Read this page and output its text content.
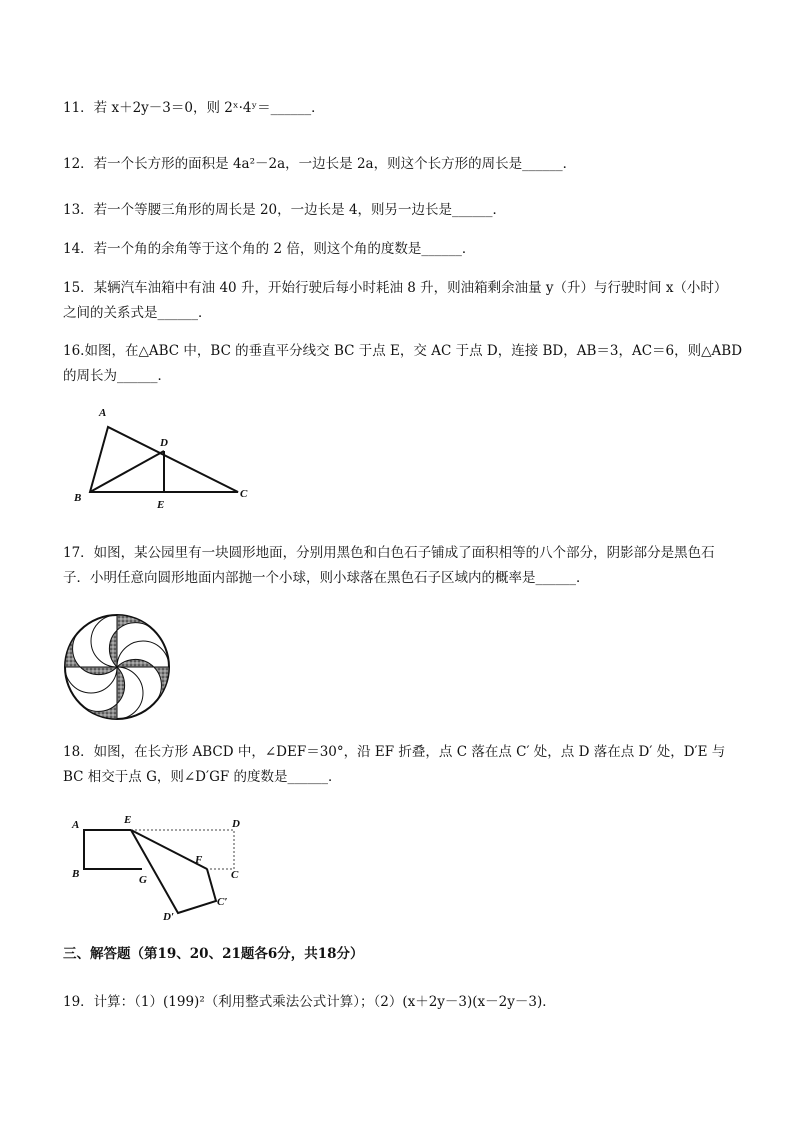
11．若 x＋2y－3＝0，则 2ˣ·4ʸ＝______．
12．若一个长方形的面积是 4a²－2a，一边长是 2a，则这个长方形的周长是______．
13．若一个等腰三角形的周长是 20，一边长是 4，则另一边长是______．
14．若一个角的余角等于这个角的 2 倍，则这个角的度数是______．
15．某辆汽车油箱中有油 40 升，开始行驶后每小时耗油 8 升，则油箱剩余油量 y（升）与行驶时间 x（小时）
之间的关系式是______．
16.如图，在△ABC 中，BC 的垂直平分线交 BC 于点 E，交 AC 于点 D，连接 BD，AB＝3，AC＝6，则△ABD
的周长为______．
A
D
B
E
C
17．如图，某公园里有一块圆形地面，分别用黑色和白色石子铺成了面积相等的八个部分，阴影部分是黑色石
子．小明任意向圆形地面内部抛一个小球，则小球落在黑色石子区域内的概率是______．
18．如图，在长方形 ABCD 中，∠DEF＝30°，沿 EF 折叠，点 C 落在点 C′ 处，点 D 落在点 D′ 处，D′E 与
BC 相交于点 G，则∠D′GF 的度数是______．
A	E	D
B	G
F
C
D′
C′
三、解答题（第19、20、21题各6分，共18分）
19．计算：（1）(199)²（利用整式乘法公式计算）；（2）(x＋2y－3)(x－2y－3)．
